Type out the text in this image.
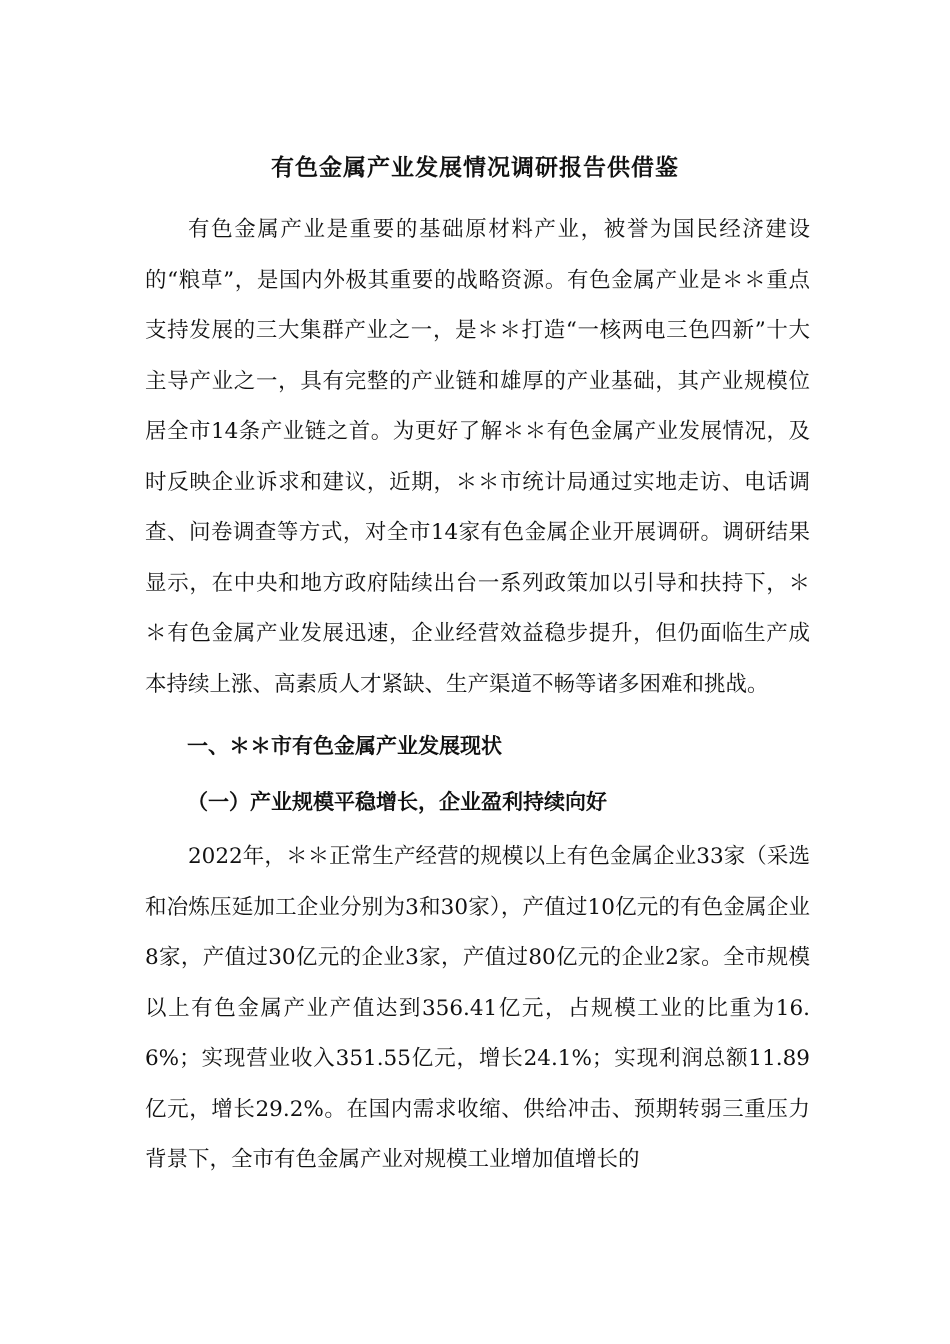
有色金属产业发展情况调研报告供借鉴

有色金属产业是重要的基础原材料产业，被誉为国民经济建设的“粮草”，是国内外极其重要的战略资源。有色金属产业是＊＊重点支持发展的三大集群产业之一，是＊＊打造“一核两电三色四新”十大主导产业之一，具有完整的产业链和雄厚的产业基础，其产业规模位居全市14条产业链之首。为更好了解＊＊有色金属产业发展情况，及时反映企业诉求和建议，近期，＊＊市统计局通过实地走访、电话调查、问卷调查等方式，对全市14家有色金属企业开展调研。调研结果显示，在中央和地方政府陆续出台一系列政策加以引导和扶持下，＊＊有色金属产业发展迅速，企业经营效益稳步提升，但仍面临生产成本持续上涨、高素质人才紧缺、生产渠道不畅等诸多困难和挑战。

一、＊＊市有色金属产业发展现状
（一）产业规模平稳增长，企业盈利持续向好

2022年，＊＊正常生产经营的规模以上有色金属企业33家（采选和冶炼压延加工企业分别为3和30家），产值过10亿元的有色金属企业8家，产值过30亿元的企业3家，产值过80亿元的企业2家。全市规模以上有色金属产业产值达到356.41亿元，占规模工业的比重为16.6%；实现营业收入351.55亿元，增长24.1%；实现利润总额11.89亿元，增长29.2%。在国内需求收缩、供给冲击、预期转弱三重压力背景下，全市有色金属产业对规模工业增加值增长的
